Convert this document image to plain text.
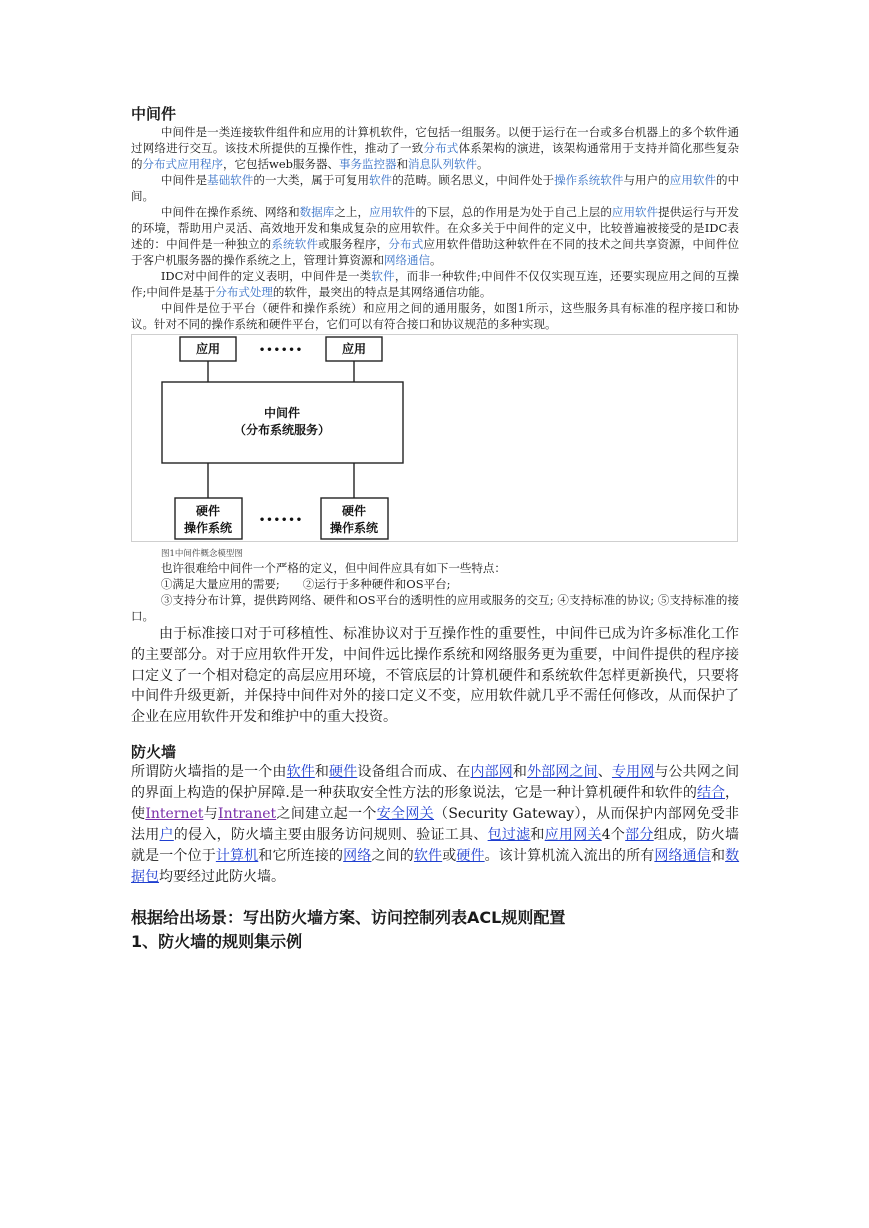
中间件

中间件是一类连接软件组件和应用的计算机软件，它包括一组服务。以便于运行在一台或多台机器上的多个软件通过网络进行交互。该技术所提供的互操作性，推动了一致分布式体系架构的演进，该架构通常用于支持并简化那些复杂的分布式应用程序，它包括web服务器、事务监控器和消息队列软件。

中间件是基础软件的一大类，属于可复用软件的范畴。顾名思义，中间件处于操作系统软件与用户的应用软件的中间。

中间件在操作系统、网络和数据库之上，应用软件的下层，总的作用是为处于自己上层的应用软件提供运行与开发的环境，帮助用户灵活、高效地开发和集成复杂的应用软件。在众多关于中间件的定义中，比较普遍被接受的是IDC表述的：中间件是一种独立的系统软件或服务程序，分布式应用软件借助这种软件在不同的技术之间共享资源，中间件位于客户机服务器的操作系统之上，管理计算资源和网络通信。

IDC对中间件的定义表明，中间件是一类软件，而非一种软件;中间件不仅仅实现互连，还要实现应用之间的互操作;中间件是基于分布式处理的软件，最突出的特点是其网络通信功能。

中间件是位于平台（硬件和操作系统）和应用之间的通用服务，如图1所示，这些服务具有标准的程序接口和协议。针对不同的操作系统和硬件平台，它们可以有符合接口和协议规范的多种实现。

应用	应用
••••••
中间件
（分布系统服务）
硬件
操作系统
硬件
操作系统
••••••
图1中间件概念模型图

也许很难给中间件一个严格的定义，但中间件应具有如下一些特点：

①满足大量应用的需要;　　②运行于多种硬件和OS平台;

③支持分布计算，提供跨网络、硬件和OS平台的透明性的应用或服务的交互; ④支持标准的协议; ⑤支持标准的接口。

由于标准接口对于可移植性、标准协议对于互操作性的重要性，中间件已成为许多标准化工作的主要部分。对于应用软件开发，中间件远比操作系统和网络服务更为重要，中间件提供的程序接口定义了一个相对稳定的高层应用环境，不管底层的计算机硬件和系统软件怎样更新换代，只要将中间件升级更新，并保持中间件对外的接口定义不变，应用软件就几乎不需任何修改，从而保护了企业在应用软件开发和维护中的重大投资。

防火墙

所谓防火墙指的是一个由软件和硬件设备组合而成、在内部网和外部网之间、专用网与公共网之间的界面上构造的保护屏障.是一种获取安全性方法的形象说法，它是一种计算机硬件和软件的结合，使Internet与Intranet之间建立起一个安全网关（Security Gateway），从而保护内部网免受非法用户的侵入，防火墙主要由服务访问规则、验证工具、包过滤和应用网关4个部分组成，防火墙就是一个位于计算机和它所连接的网络之间的软件或硬件。该计算机流入流出的所有网络通信和数据包均要经过此防火墙。

根据给出场景：写出防火墙方案、访问控制列表ACL规则配置
1、防火墙的规则集示例
